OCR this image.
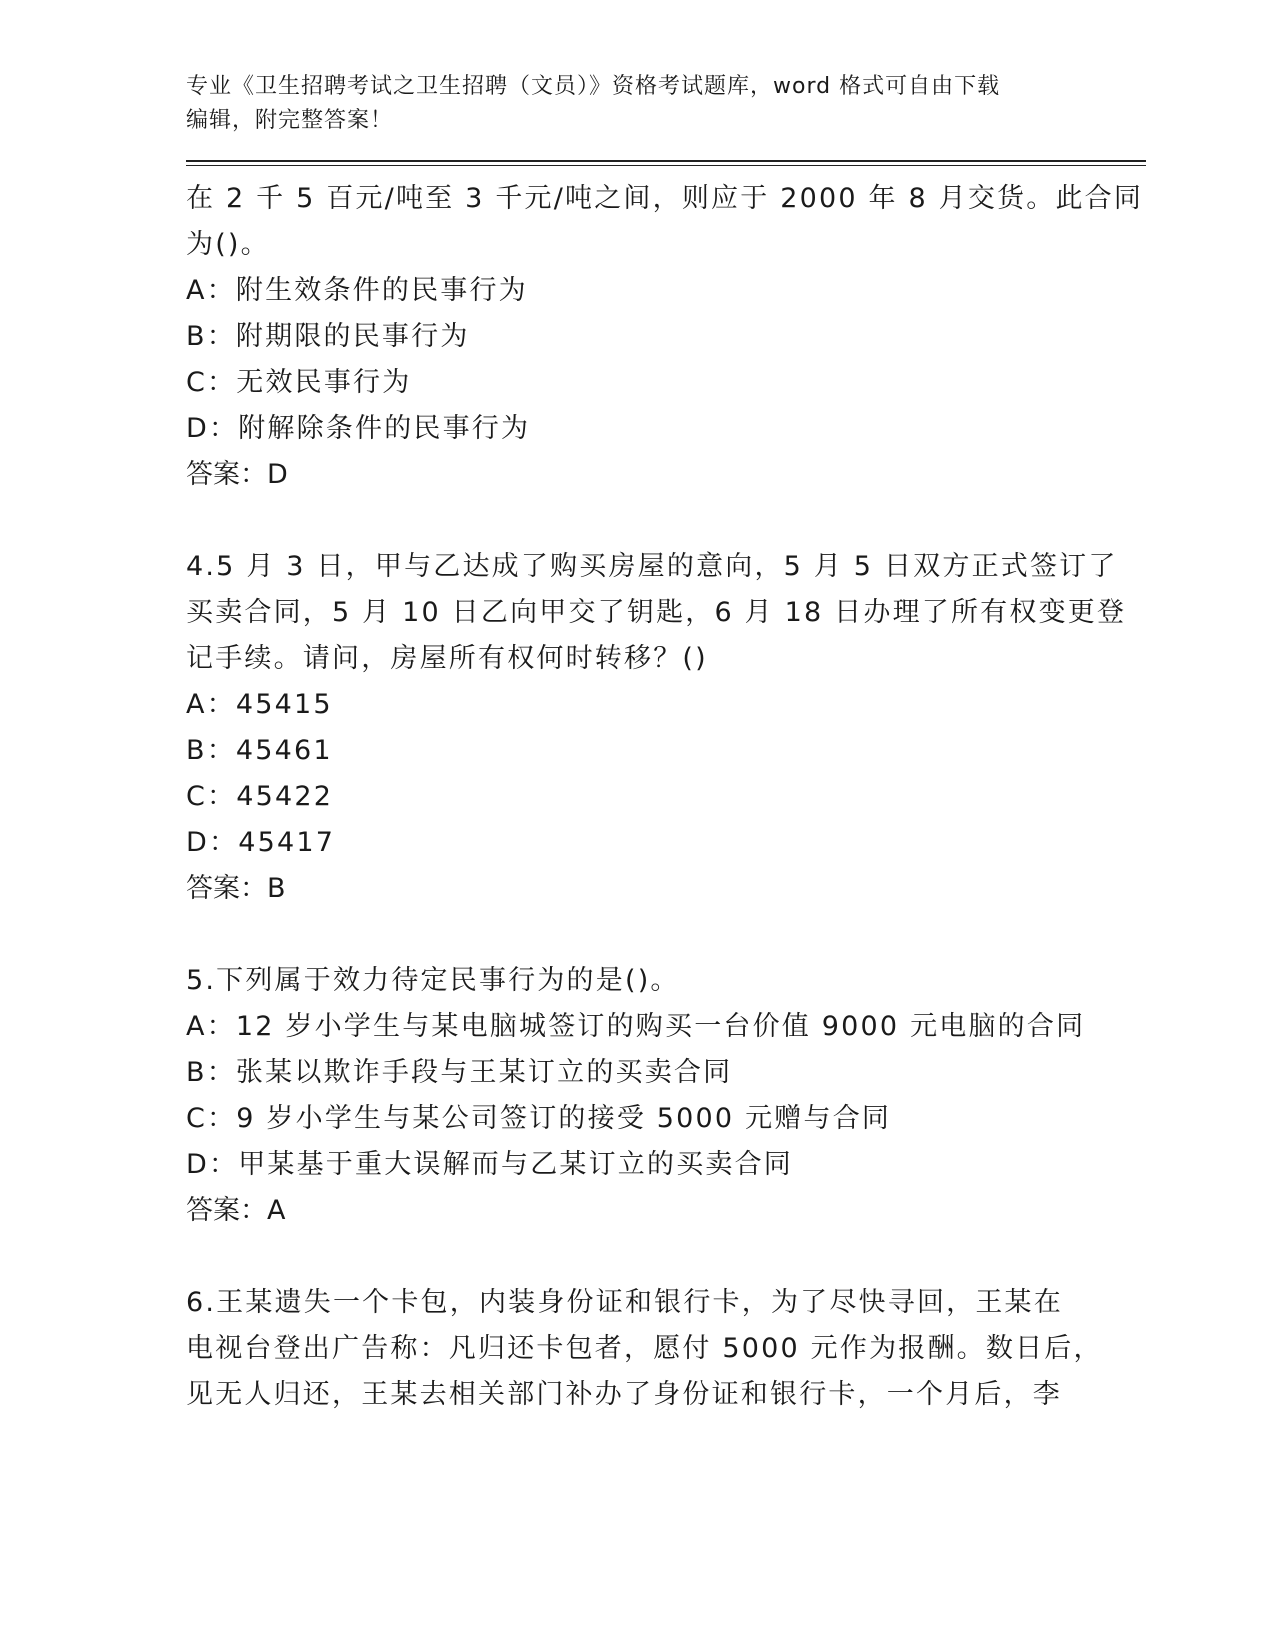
专业《卫生招聘考试之卫生招聘（文员）》资格考试题库，word 格式可自由下载
编辑，附完整答案！
在 2 千 5 百元/吨至 3 千元/吨之间，则应于 2000 年 8 月交货。此合同
为()。
A：附生效条件的民事行为
B：附期限的民事行为
C：无效民事行为
D：附解除条件的民事行为
答案：D
4.5 月 3 日，甲与乙达成了购买房屋的意向，5 月 5 日双方正式签订了
买卖合同，5 月 10 日乙向甲交了钥匙，6 月 18 日办理了所有权变更登
记手续。请问，房屋所有权何时转移？()
A：45415
B：45461
C：45422
D：45417
答案：B
5.下列属于效力待定民事行为的是()。
A：12 岁小学生与某电脑城签订的购买一台价值 9000 元电脑的合同
B：张某以欺诈手段与王某订立的买卖合同
C：9 岁小学生与某公司签订的接受 5000 元赠与合同
D：甲某基于重大误解而与乙某订立的买卖合同
答案：A
6.王某遗失一个卡包，内装身份证和银行卡，为了尽快寻回，王某在
电视台登出广告称：凡归还卡包者，愿付 5000 元作为报酬。数日后，
见无人归还，王某去相关部门补办了身份证和银行卡，一个月后，李
